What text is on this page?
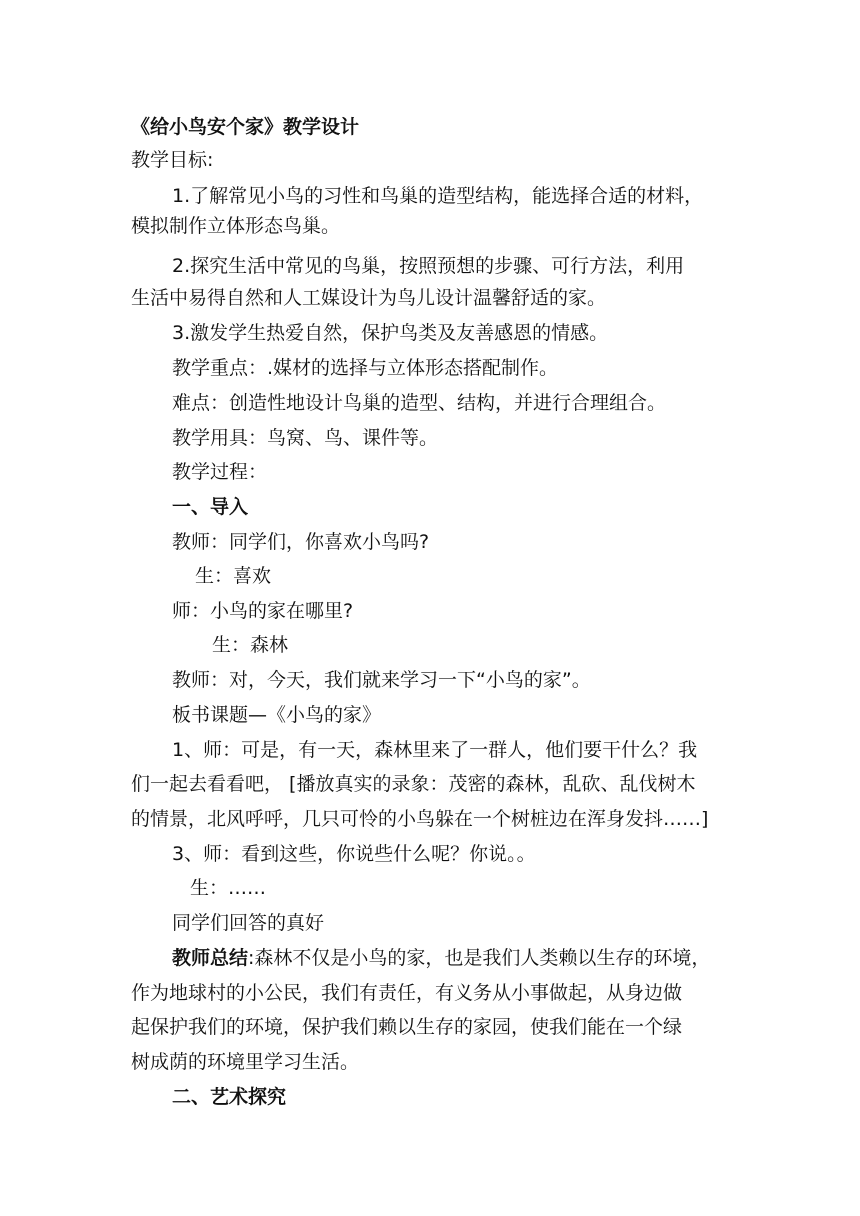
《给小鸟安个家》教学设计
教学目标:
1.了解常见小鸟的习性和鸟巢的造型结构，能选择合适的材料，
模拟制作立体形态鸟巢。
2.探究生活中常见的鸟巢，按照预想的步骤、可行方法，利用
生活中易得自然和人工媒设计为鸟儿设计温馨舒适的家。
3.激发学生热爱自然，保护鸟类及友善感恩的情感。
教学重点：.媒材的选择与立体形态搭配制作。
难点：创造性地设计鸟巢的造型、结构，并进行合理组合。
教学用具：鸟窝、鸟、课件等。
教学过程：
一、导入
教师：同学们，你喜欢小鸟吗?
生：喜欢
师：小鸟的家在哪里?
生：森林
教师：对，今天，我们就来学习一下“小鸟的家”。
板书课题—《小鸟的家》
1、师：可是，有一天，森林里来了一群人，他们要干什么？我
们一起去看看吧， [播放真实的录象：茂密的森林，乱砍、乱伐树木
的情景，北风呼呼，几只可怜的小鸟躲在一个树桩边在浑身发抖……]
3、师：看到这些，你说些什么呢？你说。。
生：……
同学们回答的真好
教师总结:森林不仅是小鸟的家，也是我们人类赖以生存的环境，
作为地球村的小公民，我们有责任，有义务从小事做起，从身边做
起保护我们的环境，保护我们赖以生存的家园，使我们能在一个绿
树成荫的环境里学习生活。
二、艺术探究
